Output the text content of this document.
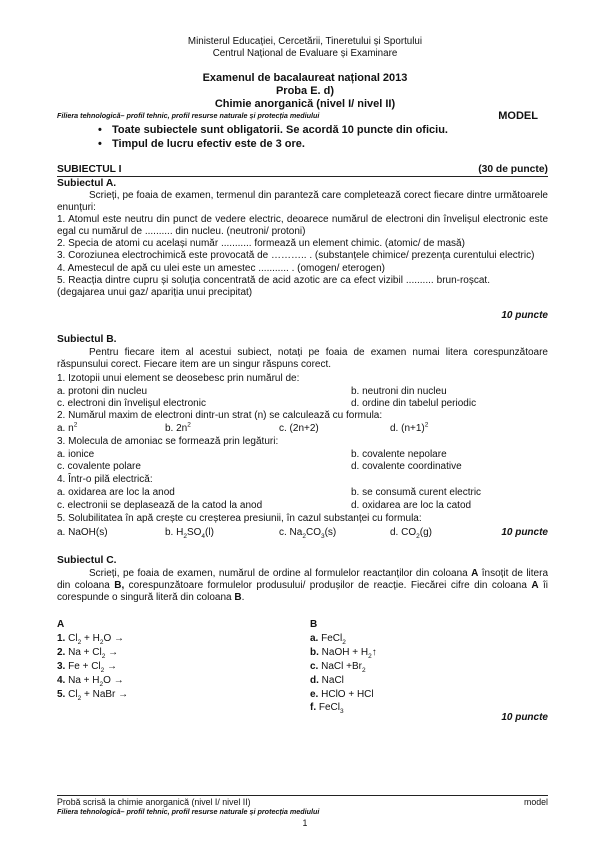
Ministerul Educației, Cercetării, Tineretului și Sportului
Centrul Național de Evaluare și Examinare
Examenul de bacalaureat național 2013
Proba E. d)
Chimie anorganică (nivel I/ nivel II)
Filiera tehnologică– profil tehnic, profil resurse naturale și protecția mediului	MODEL
• Toate subiectele sunt obligatorii. Se acordă 10 puncte din oficiu.
• Timpul de lucru efectiv este de 3 ore.
SUBIECTUL I	(30 de puncte)
Subiectul A.

Scrieți, pe foaia de examen, termenul din paranteză care completează corect fiecare dintre următoarele enunțuri:

1. Atomul este neutru din punct de vedere electric, deoarece numărul de electroni din învelișul electronic este egal cu numărul de .......... din nucleu. (neutroni/ protoni)

2. Specia de atomi cu același număr ........... formează un element chimic. (atomic/ de masă)

3. Coroziunea electrochimică este provocată de ……….. . (substanțele chimice/ prezența curentului electric)

4. Amestecul de apă cu ulei este un amestec ........... . (omogen/ eterogen)

5. Reacția dintre cupru și soluția concentrată de acid azotic are ca efect vizibil .......... brun-roșcat. (degajarea unui gaz/ apariția unui precipitat)

10 puncte
Subiectul B.

Pentru fiecare item al acestui subiect, notați pe foaia de examen numai litera corespunzătoare răspunsului corect. Fiecare item are un singur răspuns corect.

1. Izotopii unui element se deosebesc prin numărul de:
a. protoni din nucleu	b. neutroni din nucleu
c. electroni din învelișul electronic	d. ordine din tabelul periodic
2. Numărul maxim de electroni dintr-un strat (n) se calculează cu formula:
a. $n^2$	b. $2n^2$	c. (2n+2)	d. $(n+1)^2$
3. Molecula de amoniac se formează prin legături:
a. ionice	b. covalente nepolare
c. covalente polare	d. covalente coordinative
4. Într-o pilă electrică:
a. oxidarea are loc la anod	b. se consumă curent electric
c. electronii se deplasează de la catod la anod	d. oxidarea are loc la catod
5. Solubilitatea în apă crește cu creșterea presiunii, în cazul substanței cu formula:
a. NaOH(s)	b. $H_2SO_4(l)$	c. $Na_2CO_3(s)$	d. $CO_2(g)$	10 puncte
Subiectul C.

Scrieți, pe foaia de examen, numărul de ordine al formulelor reactanților din coloana A însoțit de litera din coloana B, corespunzătoare formulelor produsului/ produșilor de reacție. Fiecărei cifre din coloana A îi corespunde o singură literă din coloana B.

A
1. $Cl_2 + H_2O$ →
2. $Na + Cl_2$ →
3. $Fe + Cl_2$ →
4. $Na + H_2O$ →
5. $Cl_2$ + NaBr →
B
a. FeCl$_2$
b. NaOH + $H_2↑$
c. NaCl $+Br_2$
d. NaCl
e. HClO + HCl
f. FeCl$_3$
10 puncte
Probă scrisă la chimie anorganică (nivel I/ nivel II)	model
Filiera tehnologică– profil tehnic, profil resurse naturale și protecția mediului
1
